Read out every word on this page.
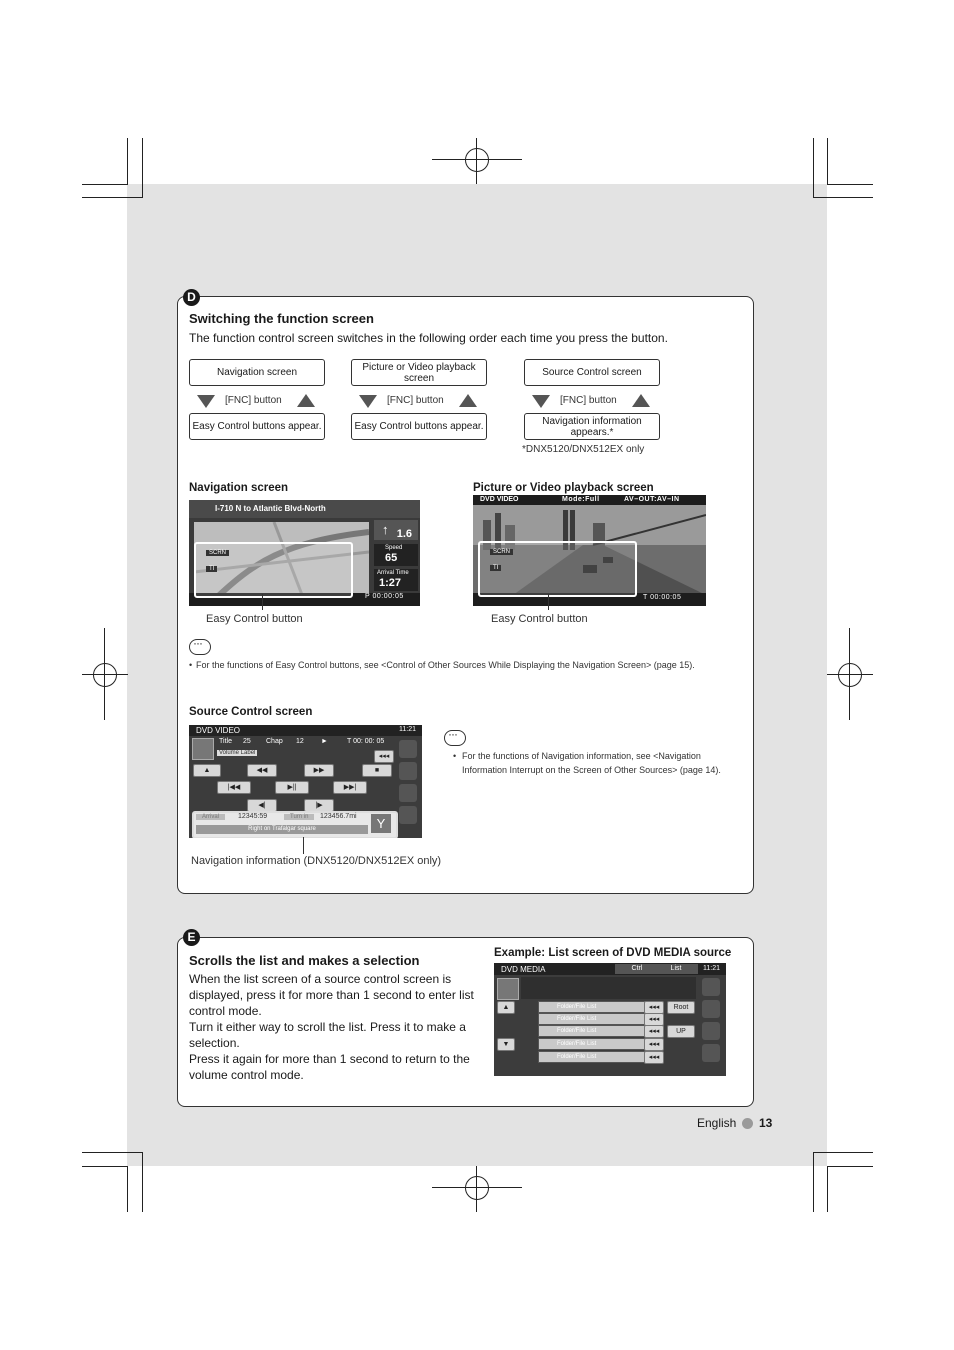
D
Switching the function screen
The function control screen switches in the following order each time you press the button.
Navigation screen
[FNC] button
Easy Control buttons appear.
Picture or Video playback screen
[FNC] button
Easy Control buttons appear.
Source Control screen
[FNC] button
Navigation information appears.*
*DNX5120/DNX512EX only
Navigation screen
I-710 N to Atlantic Blvd-North
↑ 1.6
Speed
65
Arrival Time
1:27
P 00:00:05
SCRN
TI
Easy Control button
Picture or Video playback screen
DVD VIDEO	Mode:Full	AV–OUT:AV–IN
T 00:00:05
SCRN
TI
Easy Control button
···
• For the functions of Easy Control buttons, see <Control of Other Sources While Displaying the Navigation Screen> (page 15).
Source Control screen
DVD VIDEO	11:21
Title 25 Chap 12 ►	T 00: 00: 05
Volume Label	◂◂◂
▲	◀◀	▶▶	■
|◀◀	▶||	▶▶|
◀|	|▶
Arrival	12345:59	Turn in	123456.7mi
Right on Trafalgar square	Y
Navigation information (DNX5120/DNX512EX only)
···
• For the functions of Navigation information, see <Navigation Information Interrupt on the Screen of Other Sources> (page 14).
E
Scrolls the list and makes a selection
When the list screen of a source control screen is displayed, press it for more than 1 second to enter list control mode.
Turn it either way to scroll the list. Press it to make a selection.
Press it again for more than 1 second to return to the volume control mode.
Example: List screen of DVD MEDIA source
DVD MEDIA	Ctrl	List	11:21
▲
▼
Folder/File List
Folder/File List
Folder/File List
Folder/File List
Folder/File List
◂◂◂
◂◂◂
◂◂◂
◂◂◂
◂◂◂
Root
UP
English 13
